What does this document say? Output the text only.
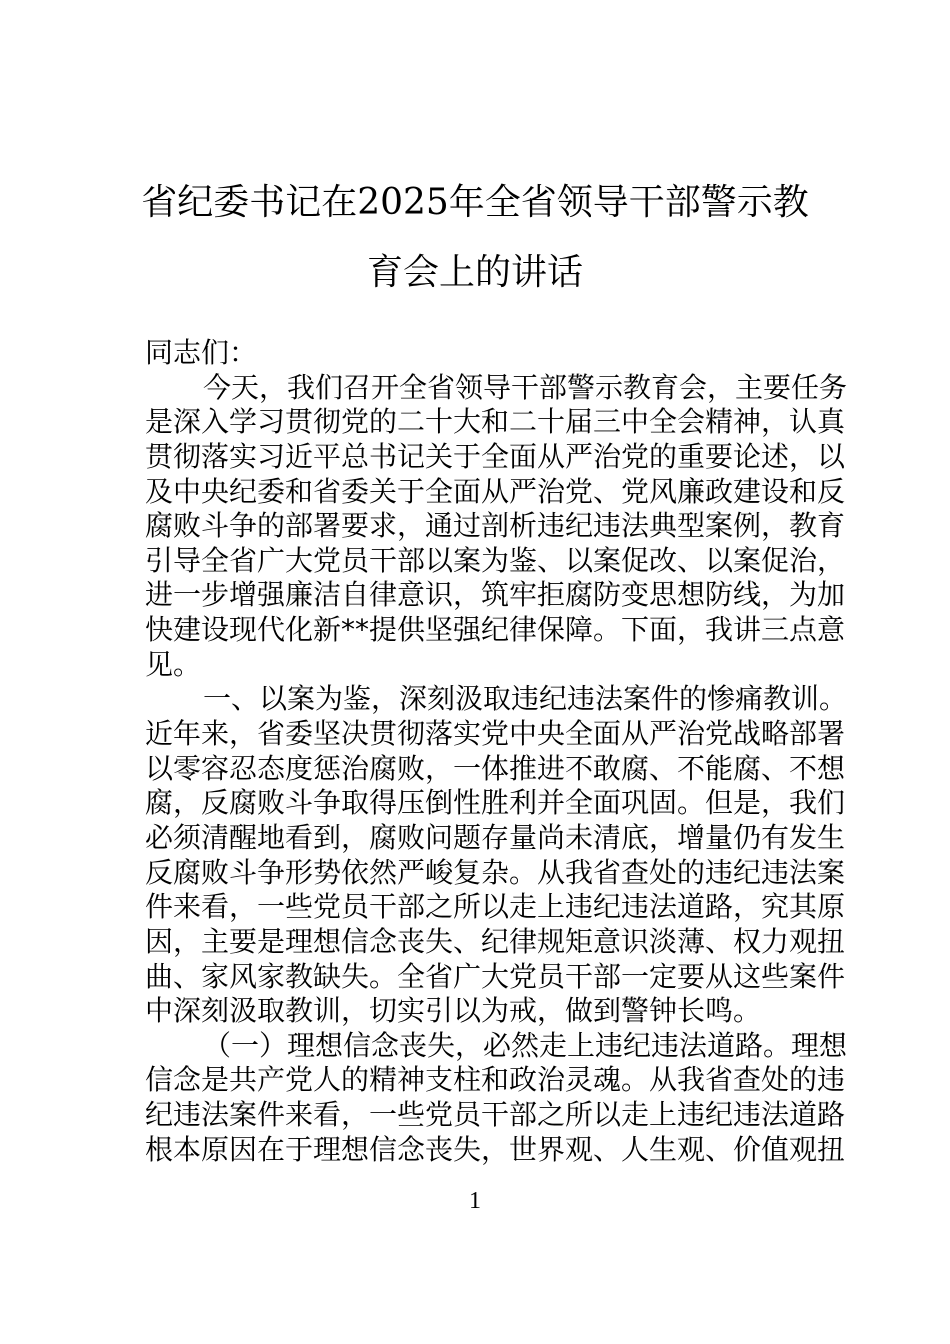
省纪委书记在2025年全省领导干部警示教
育会上的讲话
同志们：
今天，我们召开全省领导干部警示教育会，主要任务
是深入学习贯彻党的二十大和二十届三中全会精神，认真
贯彻落实习近平总书记关于全面从严治党的重要论述，以
及中央纪委和省委关于全面从严治党、党风廉政建设和反
腐败斗争的部署要求，通过剖析违纪违法典型案例，教育
引导全省广大党员干部以案为鉴、以案促改、以案促治，
进一步增强廉洁自律意识，筑牢拒腐防变思想防线，为加
快建设现代化新**提供坚强纪律保障。下面，我讲三点意
见。
一、以案为鉴，深刻汲取违纪违法案件的惨痛教训。
近年来，省委坚决贯彻落实党中央全面从严治党战略部署
以零容忍态度惩治腐败，一体推进不敢腐、不能腐、不想
腐，反腐败斗争取得压倒性胜利并全面巩固。但是，我们
必须清醒地看到，腐败问题存量尚未清底，增量仍有发生
反腐败斗争形势依然严峻复杂。从我省查处的违纪违法案
件来看，一些党员干部之所以走上违纪违法道路，究其原
因，主要是理想信念丧失、纪律规矩意识淡薄、权力观扭
曲、家风家教缺失。全省广大党员干部一定要从这些案件
中深刻汲取教训，切实引以为戒，做到警钟长鸣。
（一）理想信念丧失，必然走上违纪违法道路。理想
信念是共产党人的精神支柱和政治灵魂。从我省查处的违
纪违法案件来看，一些党员干部之所以走上违纪违法道路
根本原因在于理想信念丧失，世界观、人生观、价值观扭
1
